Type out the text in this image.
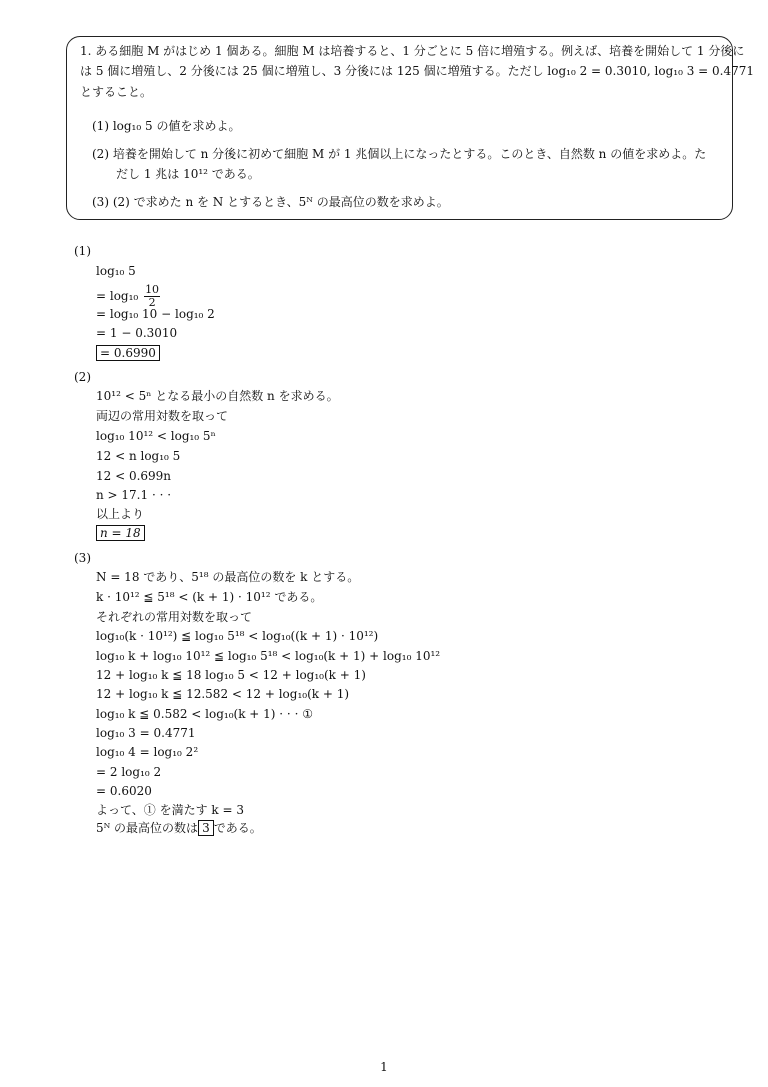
1. ある細胞 M がはじめ 1 個ある。細胞 M は培養すると、1 分ごとに 5 倍に増殖する。例えば、培養を開始して 1 分後に
は 5 個に増殖し、2 分後には 25 個に増殖し、3 分後には 125 個に増殖する。ただし log₁₀ 2 = 0.3010, log₁₀ 3 = 0.4771
とすること。
(1) log₁₀ 5 の値を求めよ。
(2) 培養を開始して n 分後に初めて細胞 M が 1 兆個以上になったとする。このとき、自然数 n の値を求めよ。た
だし 1 兆は 10¹² である。
(3) (2) で求めた n を N とするとき、5ᴺ の最高位の数を求めよ。
(1)
log₁₀ 5
= $\log_{10} \frac{10}{2}$
= log₁₀ 10 − log₁₀ 2
= 1 − 0.3010
= 0.6990
(2)
10¹² < 5ⁿ となる最小の自然数 n を求める。
両辺の常用対数を取って
log₁₀ 10¹² < log₁₀ 5ⁿ
12 < n log₁₀ 5
12 < 0.699n
n > 17.1 · · ·
以上より
n = 18
(3)
N = 18 であり、5¹⁸ の最高位の数を k とする。
k · 10¹² ≦ 5¹⁸ < (k + 1) · 10¹² である。
それぞれの常用対数を取って
log₁₀(k · 10¹²) ≦ log₁₀ 5¹⁸ < log₁₀((k + 1) · 10¹²)
log₁₀ k + log₁₀ 10¹² ≦ log₁₀ 5¹⁸ < log₁₀(k + 1) + log₁₀ 10¹²
12 + log₁₀ k ≦ 18 log₁₀ 5 < 12 + log₁₀(k + 1)
12 + log₁₀ k ≦ 12.582 < 12 + log₁₀(k + 1)
log₁₀ k ≦ 0.582 < log₁₀(k + 1) · · · ①
log₁₀ 3 = 0.4771
log₁₀ 4 = log₁₀ 2²
= 2 log₁₀ 2
= 0.6020
よって、① を満たす k = 3
5ᴺ の最高位の数は 3 である。
1
